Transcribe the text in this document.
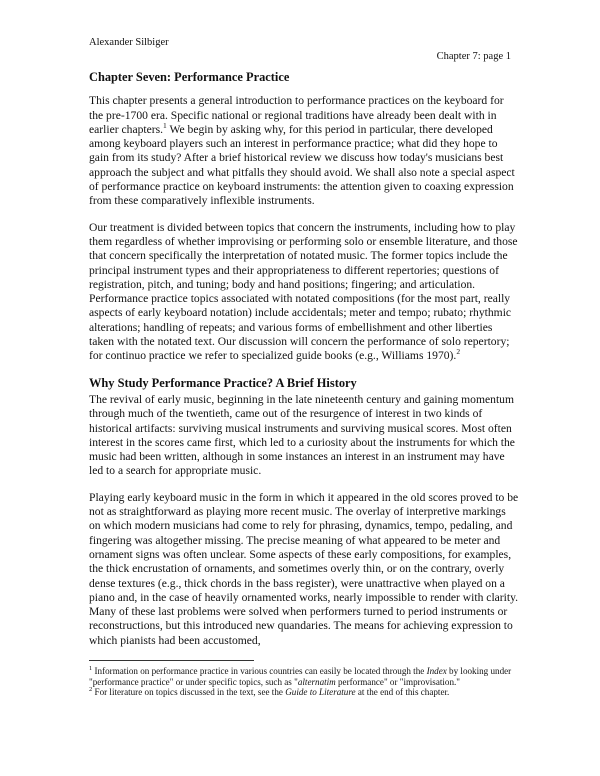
Alexander Silbiger
Chapter 7: page 1
Chapter Seven: Performance Practice

This chapter presents a general introduction to performance practices on the keyboard for the pre-1700 era. Specific national or regional traditions have already been dealt with in earlier chapters.$^1$ We begin by asking why, for this period in particular, there developed among keyboard players such an interest in performance practice; what did they hope to gain from its study? After a brief historical review we discuss how today's musicians best approach the subject and what pitfalls they should avoid. We shall also note a special aspect of performance practice on keyboard instruments: the attention given to coaxing expression from these comparatively inflexible instruments.

Our treatment is divided between topics that concern the instruments, including how to play them regardless of whether improvising or performing solo or ensemble literature, and those that concern specifically the interpretation of notated music. The former topics include the principal instrument types and their appropriateness to different repertories; questions of registration, pitch, and tuning; body and hand positions; fingering; and articulation. Performance practice topics associated with notated compositions (for the most part, really aspects of early keyboard notation) include accidentals; meter and tempo; rubato; rhythmic alterations; handling of repeats; and various forms of embellishment and other liberties taken with the notated text. Our discussion will concern the performance of solo repertory; for continuo practice we refer to specialized guide books (e.g., Williams 1970).$^2$

Why Study Performance Practice? A Brief History

The revival of early music, beginning in the late nineteenth century and gaining momentum through much of the twentieth, came out of the resurgence of interest in two kinds of historical artifacts: surviving musical instruments and surviving musical scores. Most often interest in the scores came first, which led to a curiosity about the instruments for which the music had been written, although in some instances an interest in an instrument may have led to a search for appropriate music.

Playing early keyboard music in the form in which it appeared in the old scores proved to be not as straightforward as playing more recent music. The overlay of interpretive markings on which modern musicians had come to rely for phrasing, dynamics, tempo, pedaling, and fingering was altogether missing. The precise meaning of what appeared to be meter and ornament signs was often unclear. Some aspects of these early compositions, for examples, the thick encrustation of ornaments, and sometimes overly thin, or on the contrary, overly dense textures (e.g., thick chords in the bass register), were unattractive when played on a piano and, in the case of heavily ornamented works, nearly impossible to render with clarity. Many of these last problems were solved when performers turned to period instruments or reconstructions, but this introduced new quandaries. The means for achieving expression to which pianists had been accustomed,

$^1$ Information on performance practice in various countries can easily be located through the Index by looking under "performance practice" or under specific topics, such as "alternatim performance" or "improvisation."

$^2$ For literature on topics discussed in the text, see the Guide to Literature at the end of this chapter.
